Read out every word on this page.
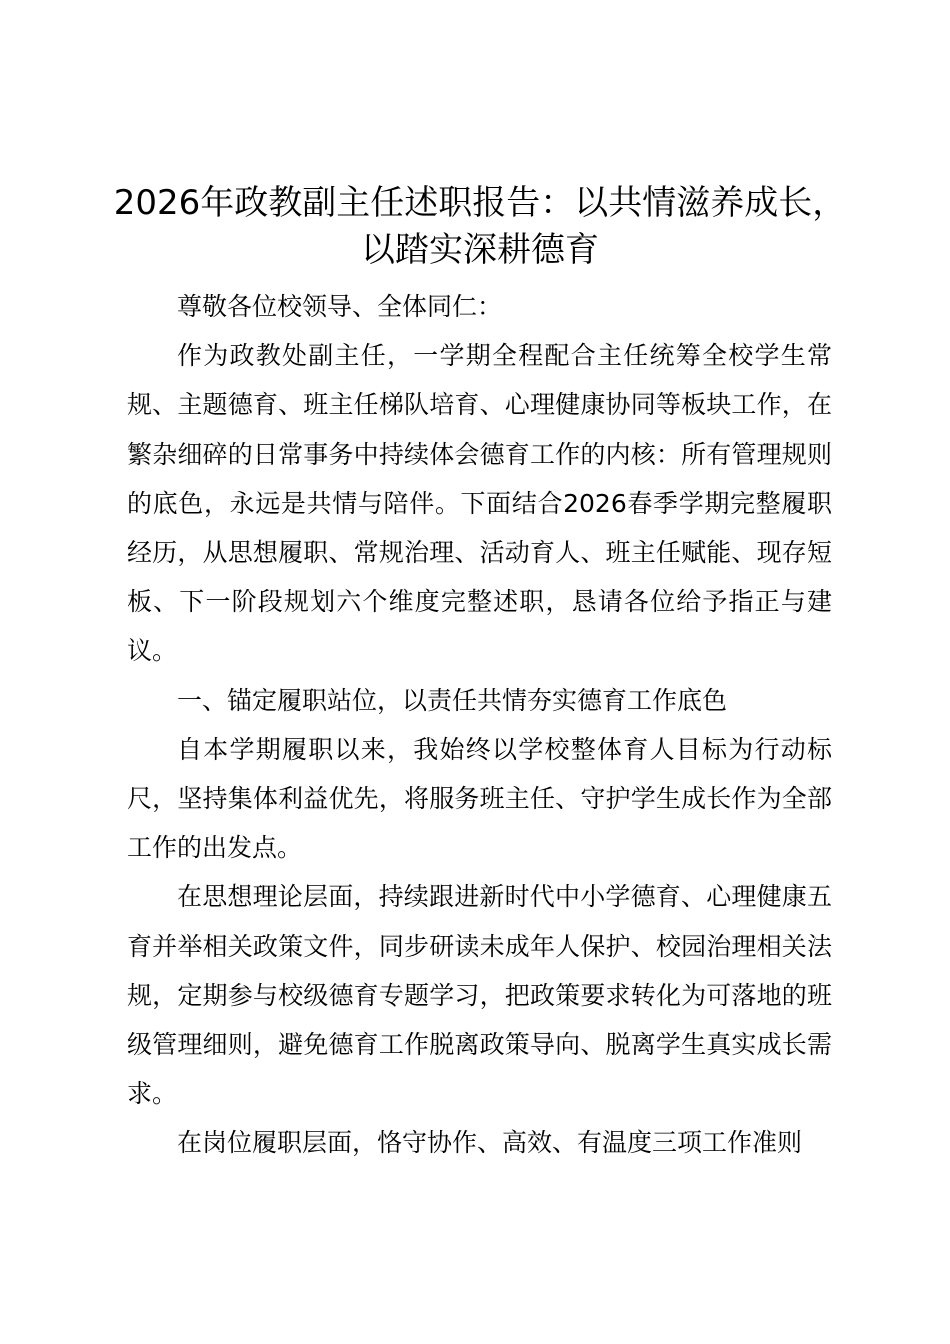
2026年政教副主任述职报告：以共情滋养成长，以踏实深耕德育

尊敬各位校领导、全体同仁：

作为政教处副主任，一学期全程配合主任统筹全校学生常规、主题德育、班主任梯队培育、心理健康协同等板块工作，在繁杂细碎的日常事务中持续体会德育工作的内核：所有管理规则的底色，永远是共情与陪伴。下面结合2026春季学期完整履职经历，从思想履职、常规治理、活动育人、班主任赋能、现存短板、下一阶段规划六个维度完整述职，恳请各位给予指正与建议。

一、锚定履职站位，以责任共情夯实德育工作底色

自本学期履职以来，我始终以学校整体育人目标为行动标尺，坚持集体利益优先，将服务班主任、守护学生成长作为全部工作的出发点。

在思想理论层面，持续跟进新时代中小学德育、心理健康五育并举相关政策文件，同步研读未成年人保护、校园治理相关法规，定期参与校级德育专题学习，把政策要求转化为可落地的班级管理细则，避免德育工作脱离政策导向、脱离学生真实成长需求。

在岗位履职层面，恪守协作、高效、有温度三项工作准则
